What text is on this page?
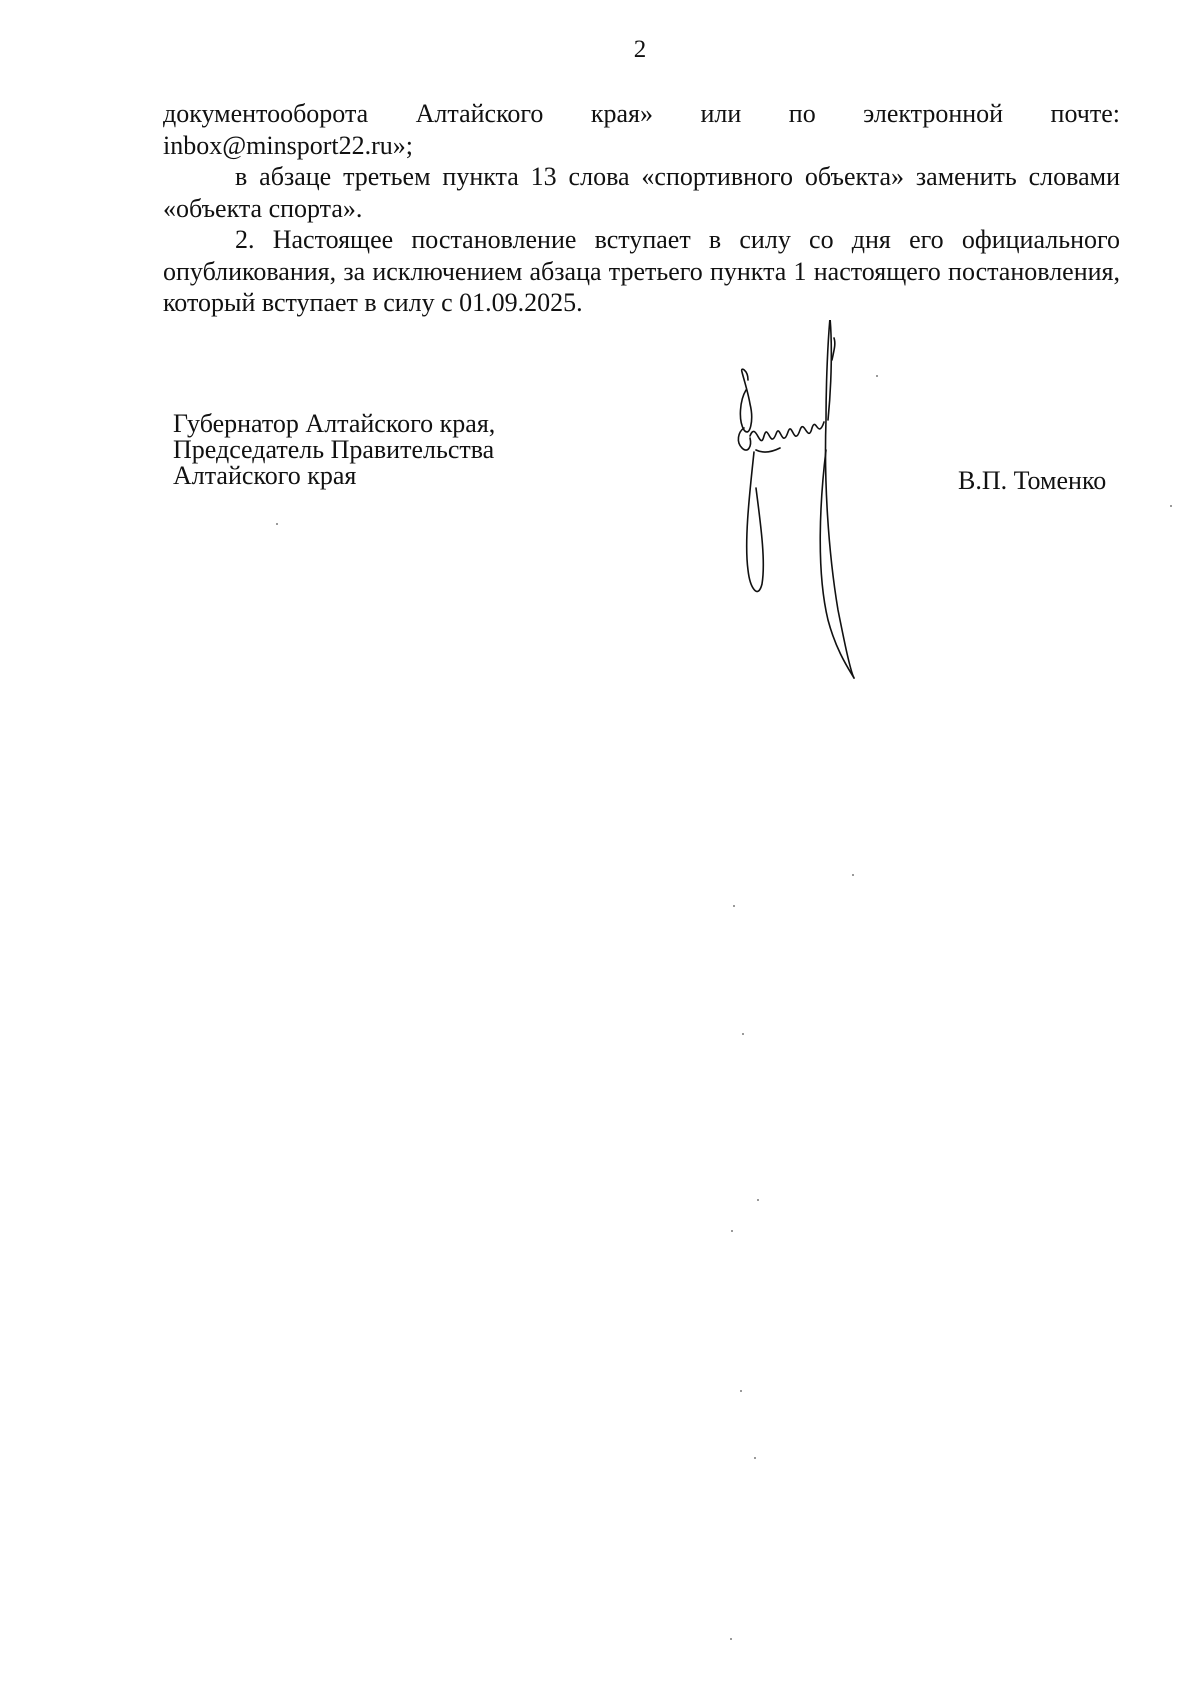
2

документооборота Алтайского края» или по электронной почте:
inbox@minsport22.ru»;

в абзаце третьем пункта 13 слова «спортивного объекта» заменить словами «объекта спорта».

2. Настоящее постановление вступает в силу со дня его официального опубликования, за исключением абзаца третьего пункта 1 настоящего постановления, который вступает в силу с 01.09.2025.

Губернатор Алтайского края,
Председатель Правительства
Алтайского края	В.П. Томенко
